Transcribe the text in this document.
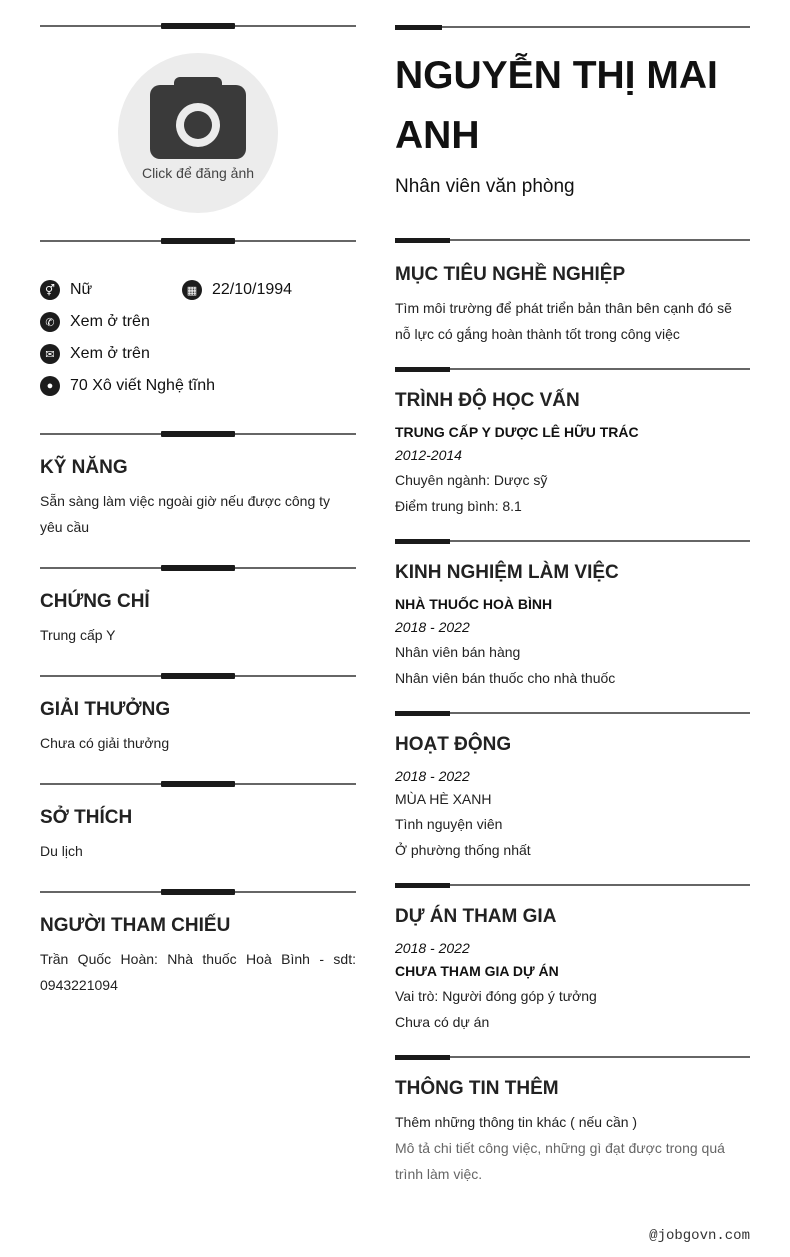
Click để đăng ảnh
⚥ Nữ	▦ 22/10/1994
✆ Xem ở trên
✉ Xem ở trên
●	70 Xô viết Nghệ tĩnh
KỸ NĂNG
Sẵn sàng làm việc ngoài giờ nếu được công ty yêu cầu
CHỨNG CHỈ
Trung cấp Y
GIẢI THƯỞNG
Chưa có giải thưởng
SỞ THÍCH
Du lịch
NGƯỜI THAM CHIẾU
Trần Quốc Hoàn: Nhà thuốc Hoà Bình - sdt: 0943221094
NGUYỄN THỊ MAI ANH
Nhân viên văn phòng
MỤC TIÊU NGHỀ NGHIỆP
Tìm môi trường để phát triển bản thân bên cạnh đó sẽ nỗ lực có gắng hoàn thành tốt trong công việc
TRÌNH ĐỘ HỌC VẤN
TRUNG CẤP Y DƯỢC LÊ HỮU TRÁC
2012-2014
Chuyên ngành: Dược sỹ
Điểm trung bình: 8.1
KINH NGHIỆM LÀM VIỆC
NHÀ THUỐC HOÀ BÌNH
2018 - 2022
Nhân viên bán hàng
Nhân viên bán thuốc cho nhà thuốc
HOẠT ĐỘNG
2018 - 2022
MÙA HÈ XANH
Tình nguyện viên
Ở phường thống nhất
DỰ ÁN THAM GIA
2018 - 2022
CHƯA THAM GIA DỰ ÁN
Vai trò: Người đóng góp ý tưởng
Chưa có dự án
THÔNG TIN THÊM
Thêm những thông tin khác ( nếu cần )
Mô tả chi tiết công việc, những gì đạt được trong quá trình làm việc.
@jobgovn.com
